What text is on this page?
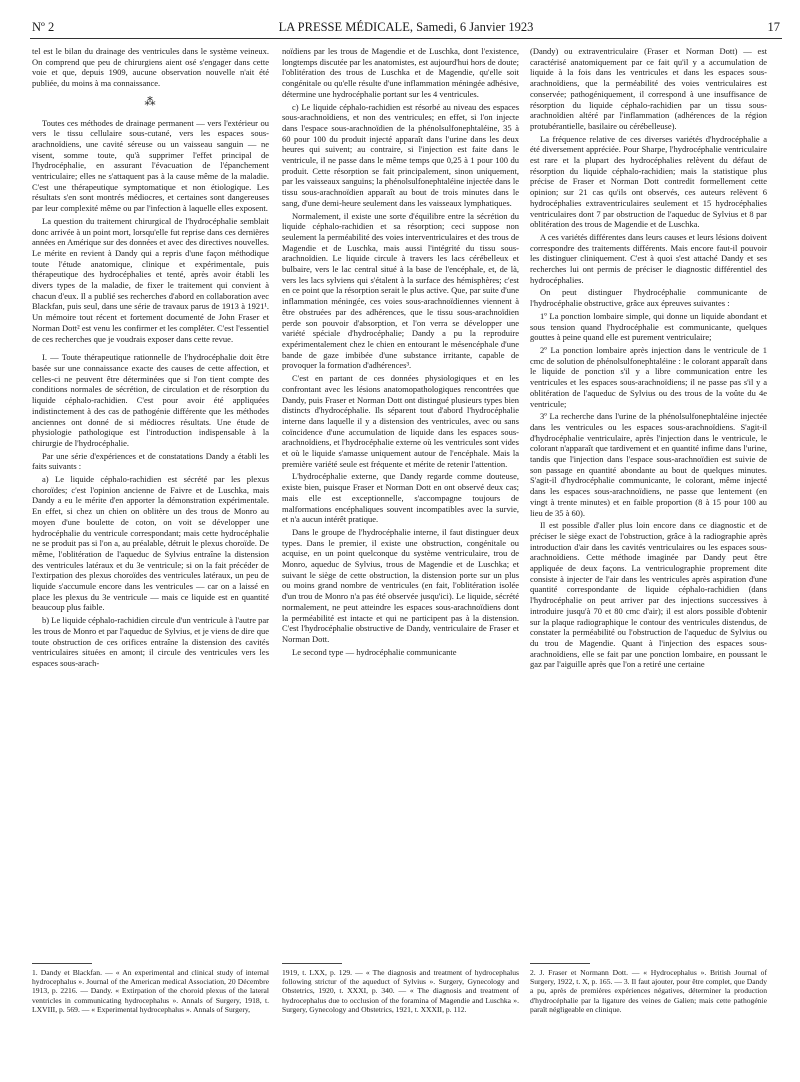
Nº 2	LA PRESSE MÉDICALE, Samedi, 6 Janvier 1923	17

tel est le bilan du drainage des ventricules dans le système veineux. On comprend que peu de chirurgiens aient osé s'engager dans cette voie et que, depuis 1909, aucune observation nouvelle n'ait été publiée, du moins à ma connaissance.

⁂

Toutes ces méthodes de drainage permanent — vers l'extérieur ou vers le tissu cellulaire sous-cutané, vers les espaces sous-arachnoïdiens, une cavité séreuse ou un vaisseau sanguin — ne visent, somme toute, qu'à supprimer l'effet principal de l'hydrocéphalie, en assurant l'évacuation de l'épanchement ventriculaire; elles ne s'attaquent pas à la cause même de la maladie. C'est une thérapeutique symptomatique et non étiologique. Les résultats s'en sont montrés médiocres, et certaines sont dangereuses par leur complexité même ou par l'infection à laquelle elles exposent.

La question du traitement chirurgical de l'hydrocéphalie semblait donc arrivée à un point mort, lorsqu'elle fut reprise dans ces dernières années en Amérique sur des données et avec des directives nouvelles. Le mérite en revient à Dandy qui a repris d'une façon méthodique toute l'étude anatomique, clinique et expérimentale, puis thérapeutique des hydrocéphalies et tenté, après avoir établi les divers types de la maladie, de fixer le traitement qui convient à chacun d'eux. Il a publié ses recherches d'abord en collaboration avec Blackfan, puis seul, dans une série de travaux parus de 1913 à 1921¹. Un mémoire tout récent et fortement documenté de John Fraser et Norman Dott² est venu les confirmer et les compléter. C'est l'essentiel de ces recherches que je voudrais exposer dans cette revue.

I. — Toute thérapeutique rationnelle de l'hydrocéphalie doit être basée sur une connaissance exacte des causes de cette affection, et celles-ci ne peuvent être déterminées que si l'on tient compte des conditions normales de sécrétion, de circulation et de résorption du liquide céphalo-rachidien. C'est pour avoir été appliquées indistinctement à des cas de pathogénie différente que les méthodes anciennes ont donné de si médiocres résultats. Une étude de physiologie pathologique est l'introduction indispensable à la chirurgie de l'hydrocéphalie.

Par une série d'expériences et de constatations Dandy a établi les faits suivants :

a) Le liquide céphalo-rachidien est sécrété par les plexus choroïdes; c'est l'opinion ancienne de Faivre et de Luschka, mais Dandy a eu le mérite d'en apporter la démonstration expérimentale. En effet, si chez un chien on oblitère un des trous de Monro au moyen d'une boulette de coton, on voit se développer une hydrocéphalie du ventricule correspondant; mais cette hydrocéphalie ne se produit pas si l'on a, au préalable, détruit le plexus choroïde. De même, l'oblitération de l'aqueduc de Sylvius entraîne la distension des ventricules latéraux et du 3e ventricule; si on la fait précéder de l'extirpation des plexus choroïdes des ventricules latéraux, un peu de liquide s'accumule encore dans les ventricules — car on a laissé en place les plexus du 3e ventricule — mais ce liquide est en quantité beaucoup plus faible.

b) Le liquide céphalo-rachidien circule d'un ventricule à l'autre par les trous de Monro et par l'aqueduc de Sylvius, et je viens de dire que toute obstruction de ces orifices entraîne la distension des cavités ventriculaires situées en amont; il circule des ventricules vers les espaces sous-arach-

noïdiens par les trous de Magendie et de Luschka, dont l'existence, longtemps discutée par les anatomistes, est aujourd'hui hors de doute; l'oblitération des trous de Luschka et de Magendie, qu'elle soit congénitale ou qu'elle résulte d'une inflammation méningée adhésive, détermine une hydrocéphalie portant sur les 4 ventricules.

c) Le liquide céphalo-rachidien est résorbé au niveau des espaces sous-arachnoïdiens, et non des ventricules; en effet, si l'on injecte dans l'espace sous-arachnoïdien de la phénolsulfonephtaléine, 35 à 60 pour 100 du produit injecté apparaît dans l'urine dans les deux heures qui suivent; au contraire, si l'injection est faite dans le ventricule, il ne passe dans le même temps que 0,25 à 1 pour 100 du produit. Cette résorption se fait principalement, sinon uniquement, par les vaisseaux sanguins; la phénolsulfonephtaléine injectée dans le tissu sous-arachnoïdien apparaît au bout de trois minutes dans le sang, d'une demi-heure seulement dans les vaisseaux lymphatiques.

Normalement, il existe une sorte d'équilibre entre la sécrétion du liquide céphalo-rachidien et sa résorption; ceci suppose non seulement la perméabilité des voies interventriculaires et des trous de Magendie et de Luschka, mais aussi l'intégrité du tissu sous-arachnoïdien. Le liquide circule à travers les lacs cérébelleux et bulbaire, vers le lac central situé à la base de l'encéphale, et, de là, vers les lacs sylviens qui s'étalent à la surface des hémisphères; c'est en ce point que la résorption serait le plus active. Que, par suite d'une inflammation méningée, ces voies sous-arachnoïdiennes viennent à être obstruées par des adhérences, que le tissu sous-arachnoïdien perde son pouvoir d'absorption, et l'on verra se développer une variété spéciale d'hydrocéphalie; Dandy a pu la reproduire expérimentalement chez le chien en entourant le mésencéphale d'une bande de gaze imbibée d'une substance irritante, capable de provoquer la formation d'adhérences³.

C'est en partant de ces données physiologiques et en les confrontant avec les lésions anatomopathologiques rencontrées que Dandy, puis Fraser et Norman Dott ont distingué plusieurs types bien distincts d'hydrocéphalie. Ils séparent tout d'abord l'hydrocéphalie interne dans laquelle il y a distension des ventricules, avec ou sans coïncidence d'une accumulation de liquide dans les espaces sous-arachnoïdiens, et l'hydrocéphalie externe où les ventricules sont vides et où le liquide s'amasse uniquement autour de l'encéphale. Mais la première variété seule est fréquente et mérite de retenir l'attention.

L'hydrocéphalie externe, que Dandy regarde comme douteuse, existe bien, puisque Fraser et Norman Dott en ont observé deux cas; mais elle est exceptionnelle, s'accompagne toujours de malformations encéphaliques souvent incompatibles avec la survie, et n'a aucun intérêt pratique.

Dans le groupe de l'hydrocéphalie interne, il faut distinguer deux types. Dans le premier, il existe une obstruction, congénitale ou acquise, en un point quelconque du système ventriculaire, trou de Monro, aqueduc de Sylvius, trous de Magendie et de Luschka; et suivant le siège de cette obstruction, la distension porte sur un plus ou moins grand nombre de ventricules (en fait, l'oblitération isolée d'un trou de Monro n'a pas été observée jusqu'ici). Le liquide, sécrété normalement, ne peut atteindre les espaces sous-arachnoïdiens dont la perméabilité est intacte et qui ne participent pas à la distension. C'est l'hydrocéphalie obstructive de Dandy, ventriculaire de Fraser et Norman Dott.

Le second type — hydrocéphalie communicante

(Dandy) ou extraventriculaire (Fraser et Norman Dott) — est caractérisé anatomiquement par ce fait qu'il y a accumulation de liquide à la fois dans les ventricules et dans les espaces sous-arachnoïdiens, que la perméabilité des voies ventriculaires est conservée; pathogéniquement, il correspond à une insuffisance de résorption du liquide céphalo-rachidien par un tissu sous-arachnoïdien altéré par l'inflammation (adhérences de la région protubérantielle, basilaire ou cérébelleuse).

La fréquence relative de ces diverses variétés d'hydrocéphalie a été diversement appréciée. Pour Sharpe, l'hydrocéphalie ventriculaire est rare et la plupart des hydrocéphalies relèvent du défaut de résorption du liquide céphalo-rachidien; mais la statistique plus précise de Fraser et Norman Dott contredit formellement cette opinion; sur 21 cas qu'ils ont observés, ces auteurs relèvent 6 hydrocéphalies extraventriculaires seulement et 15 hydrocéphalies ventriculaires dont 7 par obstruction de l'aqueduc de Sylvius et 8 par oblitération des trous de Magendie et de Luschka.

A ces variétés différentes dans leurs causes et leurs lésions doivent correspondre des traitements différents. Mais encore faut-il pouvoir les distinguer cliniquement. C'est à quoi s'est attaché Dandy et ses recherches lui ont permis de préciser le diagnostic différentiel des hydrocéphalies.

On peut distinguer l'hydrocéphalie communicante de l'hydrocéphalie obstructive, grâce aux épreuves suivantes :

1º La ponction lombaire simple, qui donne un liquide abondant et sous tension quand l'hydrocéphalie est communicante, quelques gouttes à peine quand elle est purement ventriculaire;

2º La ponction lombaire après injection dans le ventricule de 1 cmc de solution de phénolsulfonephtaléine : le colorant apparaît dans le liquide de ponction s'il y a libre communication entre les ventricules et les espaces sous-arachnoïdiens; il ne passe pas s'il y a oblitération de l'aqueduc de Sylvius ou des trous de la voûte du 4e ventricule;

3º La recherche dans l'urine de la phénolsulfonephtaléine injectée dans les ventricules ou les espaces sous-arachnoïdiens. S'agit-il d'hydrocéphalie ventriculaire, après l'injection dans le ventricule, le colorant n'apparaît que tardivement et en quantité infime dans l'urine, tandis que l'injection dans l'espace sous-arachnoïdien est suivie de son passage en quantité abondante au bout de quelques minutes. S'agit-il d'hydrocéphalie communicante, le colorant, même injecté dans les espaces sous-arachnoïdiens, ne passe que lentement (en vingt à trente minutes) et en faible proportion (8 à 15 pour 100 au lieu de 35 à 60).

Il est possible d'aller plus loin encore dans ce diagnostic et de préciser le siège exact de l'obstruction, grâce à la radiographie après introduction d'air dans les cavités ventriculaires ou les espaces sous-arachnoïdiens. Cette méthode imaginée par Dandy peut être appliquée de deux façons. La ventriculographie proprement dite consiste à injecter de l'air dans les ventricules après aspiration d'une quantité correspondante de liquide céphalo-rachidien (dans l'hydrocéphalie on peut arriver par des injections successives à introduire jusqu'à 70 et 80 cmc d'air); il est alors possible d'obtenir sur la plaque radiographique le contour des ventricules distendus, de constater la perméabilité ou l'obstruction de l'aqueduc de Sylvius ou du trou de Magendie. Quant à l'injection des espaces sous-arachnoïdiens, elle se fait par une ponction lombaire, en poussant le gaz par l'aiguille après que l'on a retiré une certaine

1. Dandy et Blackfan. — « An experimental and clinical study of internal hydrocephalus ». Journal of the American medical Association, 20 Décembre 1913, p. 2216. — Dandy. « Extirpation of the choroid plexus of the lateral ventricles in communicating hydrocephalus ». Annals of Surgery, 1918, t. LXVIII, p. 569. — « Experimental hydrocephalus ». Annals of Surgery,

1919, t. LXX, p. 129. — « The diagnosis and treatment of hydrocephalus following strictur of the aqueduct of Sylvius ». Surgery, Gynecology and Obstetrics, 1920, t. XXXI, p. 340. — « The diagnosis and treatment of hydrocephalus due to occlusion of the foramina of Magendie and Luschka ». Surgery, Gynecology and Obstetrics, 1921, t. XXXII, p. 112.

2. J. Fraser et Normann Dott. — « Hydrocephalus ». British Journal of Surgery, 1922, t. X, p. 165. — 3. Il faut ajouter, pour être complet, que Dandy a pu, après de premières expériences négatives, déterminer la production d'hydrocéphalie par la ligature des veines de Galien; mais cette pathogénie paraît négligeable en clinique.
